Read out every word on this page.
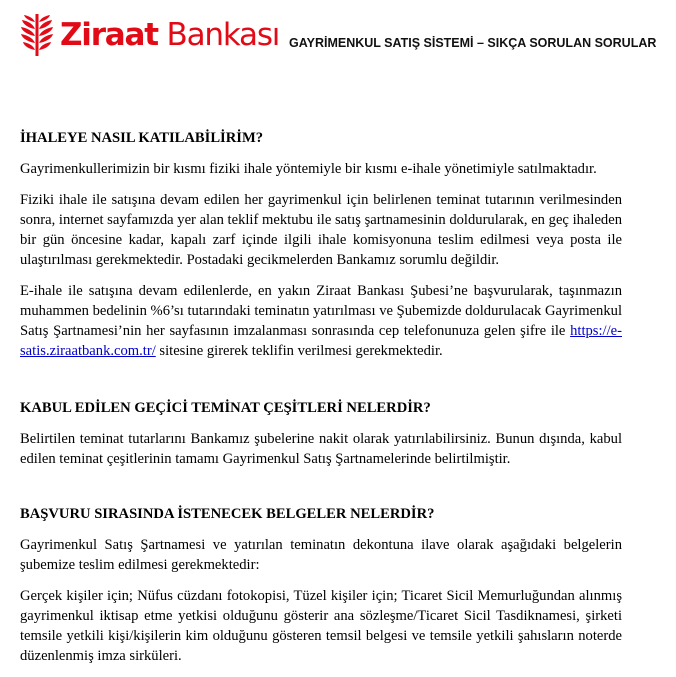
Ziraat Bankası GAYRİMENKUL SATIŞ SİSTEMİ – SIKÇA SORULAN SORULAR
İHALEYE NASIL KATILABİLİRİM?

Gayrimenkullerimizin bir kısmı fiziki ihale yöntemiyle bir kısmı e-ihale yönetimiyle satılmaktadır.

Fiziki ihale ile satışına devam edilen her gayrimenkul için belirlenen teminat tutarının verilmesinden sonra, internet sayfamızda yer alan teklif mektubu ile satış şartnamesinin doldurularak, en geç ihaleden bir gün öncesine kadar, kapalı zarf içinde ilgili ihale komisyonuna teslim edilmesi veya posta ile ulaştırılması gerekmektedir. Postadaki gecikmelerden Bankamız sorumlu değildir.

E-ihale ile satışına devam edilenlerde, en yakın Ziraat Bankası Şubesi’ne başvurularak, taşınmazın muhammen bedelinin %6’sı tutarındaki teminatın yatırılması ve Şubemizde doldurulacak Gayrimenkul Satış Şartnamesi’nin her sayfasının imzalanması sonrasında cep telefonunuza gelen şifre ile https://e-satis.ziraatbank.com.tr/ sitesine girerek teklifin verilmesi gerekmektedir.

KABUL EDİLEN GEÇİCİ TEMİNAT ÇEŞİTLERİ NELERDİR?

Belirtilen teminat tutarlarını Bankamız şubelerine nakit olarak yatırılabilirsiniz. Bunun dışında, kabul edilen teminat çeşitlerinin tamamı Gayrimenkul Satış Şartnamelerinde belirtilmiştir.

BAŞVURU SIRASINDA İSTENECEK BELGELER NELERDİR?

Gayrimenkul Satış Şartnamesi ve yatırılan teminatın dekontuna ilave olarak aşağıdaki belgelerin şubemize teslim edilmesi gerekmektedir:

Gerçek kişiler için; Nüfus cüzdanı fotokopisi, Tüzel kişiler için; Ticaret Sicil Memurluğundan alınmış gayrimenkul iktisap etme yetkisi olduğunu gösterir ana sözleşme/Ticaret Sicil Tasdiknamesi, şirketi temsile yetkili kişi/kişilerin kim olduğunu gösteren temsil belgesi ve temsile yetkili şahısların noterde düzenlenmiş imza sirküleri.
